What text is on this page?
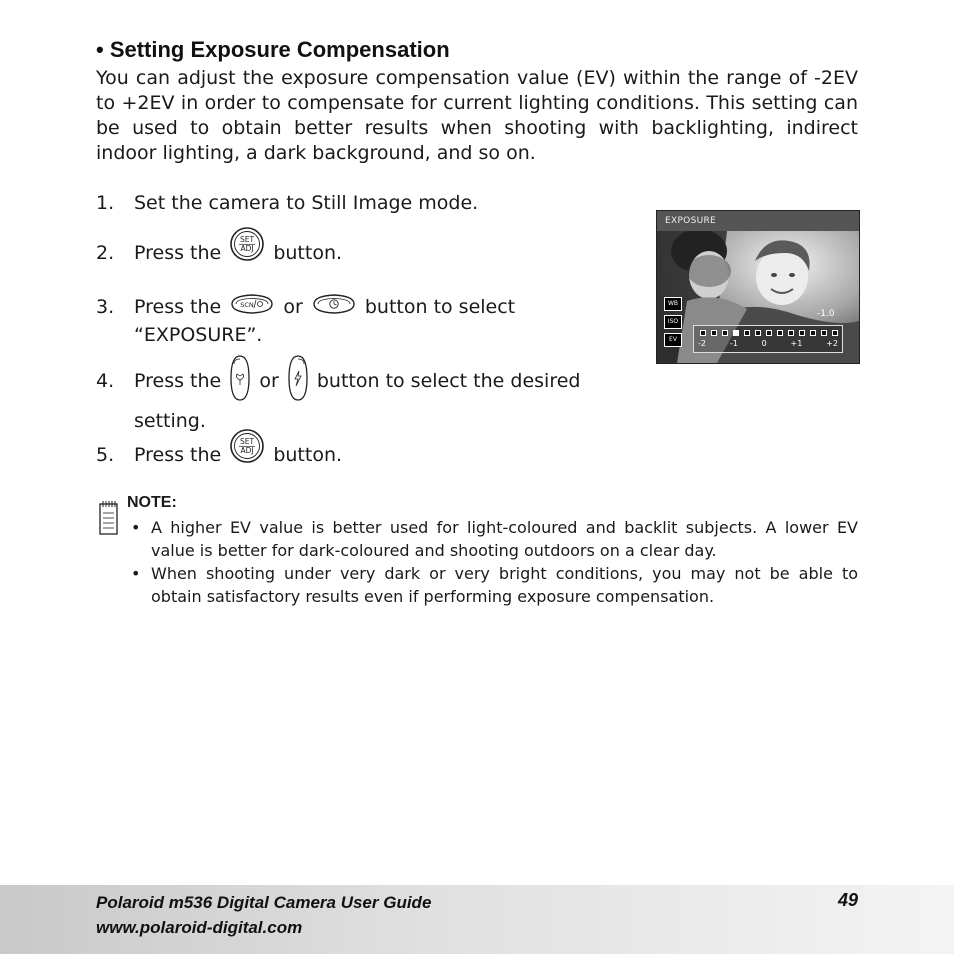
• Setting Exposure Compensation
You can adjust the exposure compensation value (EV) within the range of -2EV to +2EV in order to compensate for current lighting conditions. This setting can be used to obtain better results when shooting with backlighting, indirect indoor lighting, a dark background, and so on.
1. Set the camera to Still Image mode.
2. Press the
SET
ADJ button.
3. Press the	SCN or	button to select
“EXPOSURE”.
4. Press the or button to select the desired
setting.
5. Press the
SET
ADJ button.
EXPOSURE
WB
ISO
EV
-1.0
-2	-1	0	+1	+2
NOTE:
• A higher EV value is better used for light-coloured and backlit subjects. A lower EV value is better for dark-coloured and shooting outdoors on a clear day.
• When shooting under very dark or very bright conditions, you may not be able to obtain satisfactory results even if performing exposure compensation.
Polaroid m536 Digital Camera User Guide
www.polaroid-digital.com
49
